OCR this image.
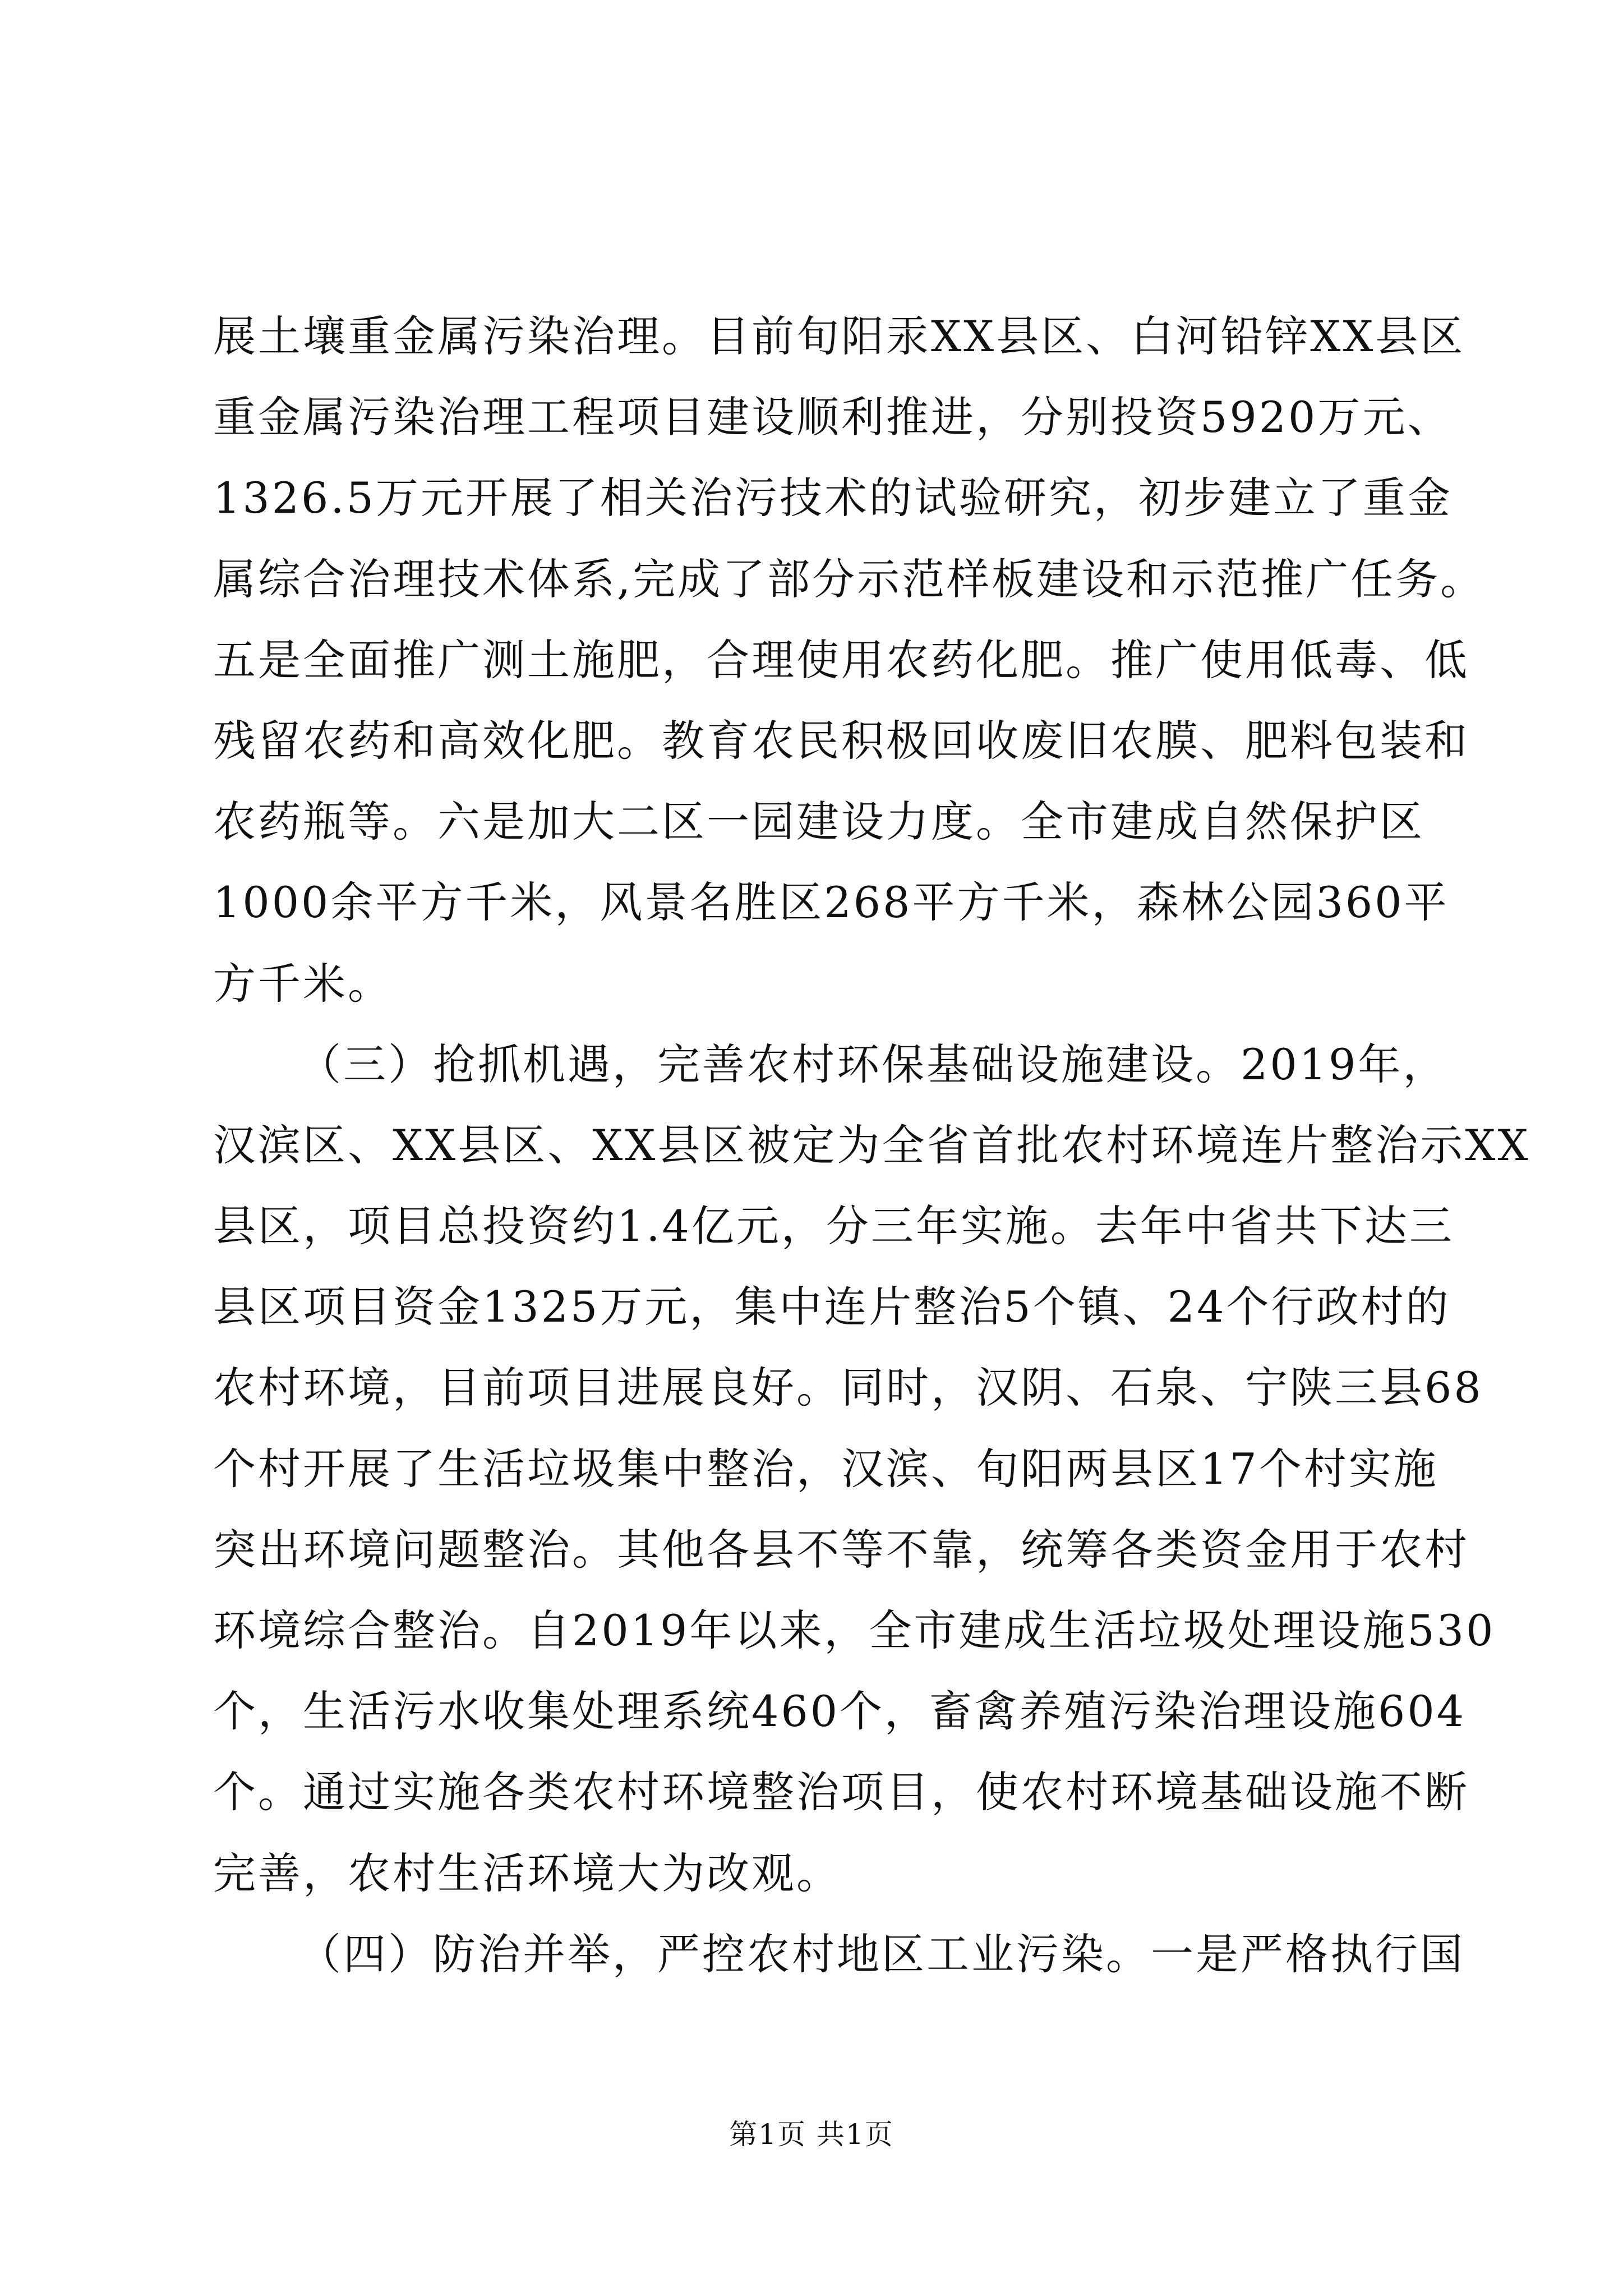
展土壤重金属污染治理。目前旬阳汞XX县区、白河铅锌XX县区
重金属污染治理工程项目建设顺利推进，分别投资5920万元、
1326.5万元开展了相关治污技术的试验研究，初步建立了重金
属综合治理技术体系,完成了部分示范样板建设和示范推广任务。
五是全面推广测土施肥，合理使用农药化肥。推广使用低毒、低
残留农药和高效化肥。教育农民积极回收废旧农膜、肥料包装和
农药瓶等。六是加大二区一园建设力度。全市建成自然保护区
1000余平方千米，风景名胜区268平方千米，森林公园360平
方千米。
（三）抢抓机遇，完善农村环保基础设施建设。2019年，
汉滨区、XX县区、XX县区被定为全省首批农村环境连片整治示XX
县区，项目总投资约1.4亿元，分三年实施。去年中省共下达三
县区项目资金1325万元，集中连片整治5个镇、24个行政村的
农村环境，目前项目进展良好。同时，汉阴、石泉、宁陕三县68
个村开展了生活垃圾集中整治，汉滨、旬阳两县区17个村实施
突出环境问题整治。其他各县不等不靠，统筹各类资金用于农村
环境综合整治。自2019年以来，全市建成生活垃圾处理设施530
个，生活污水收集处理系统460个，畜禽养殖污染治理设施604
个。通过实施各类农村环境整治项目，使农村环境基础设施不断
完善，农村生活环境大为改观。
（四）防治并举，严控农村地区工业污染。一是严格执行国
第1页 共1页
